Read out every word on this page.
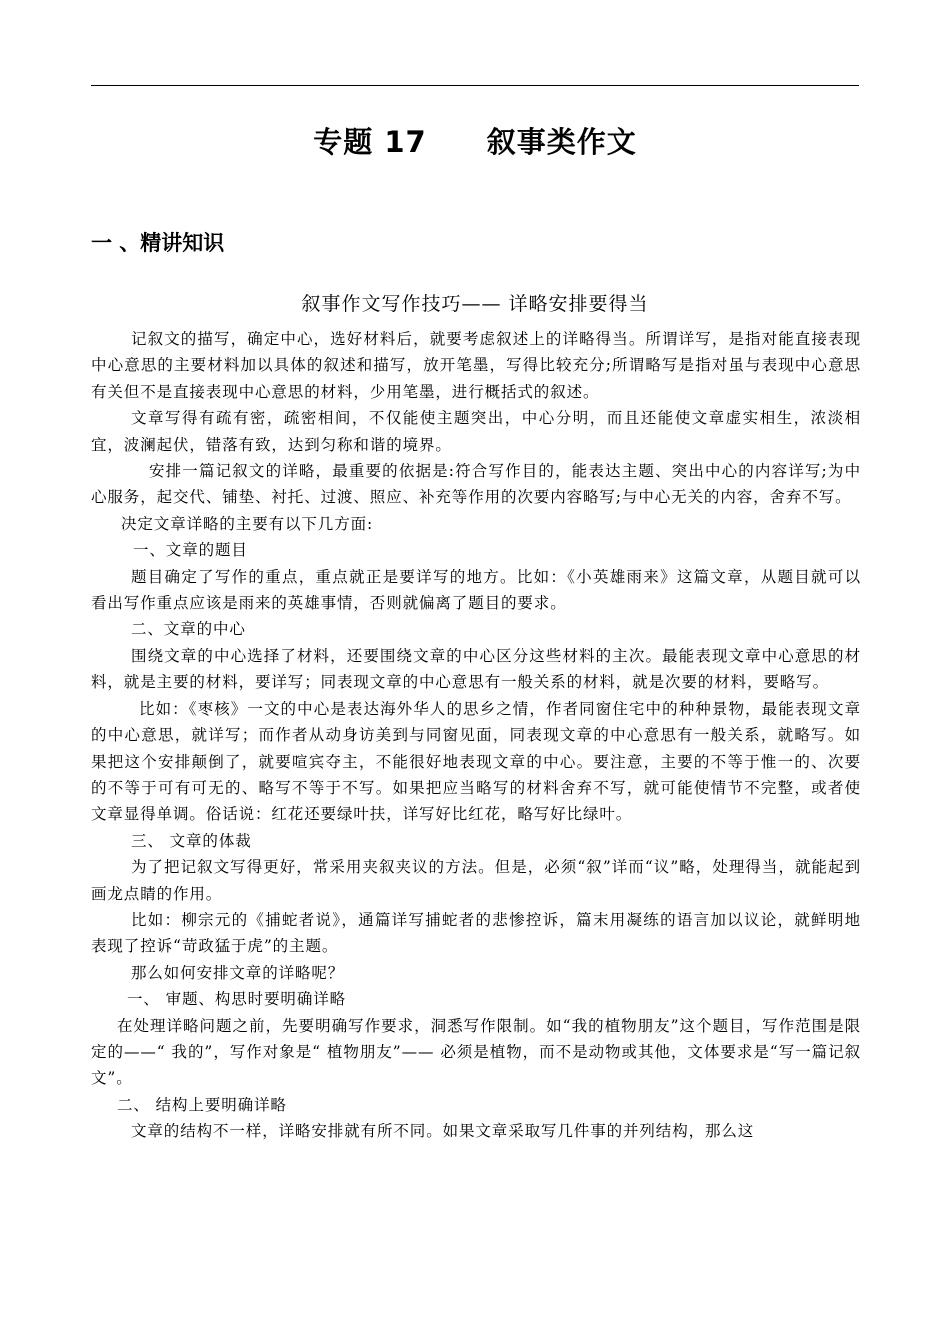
专题 17　　叙事类作文
一 、精讲知识
叙事作文写作技巧—— 详略安排要得当

记叙文的描写，确定中心，选好材料后，就要考虑叙述上的详略得当。所谓详写，是指对能直接表现中心意思的主要材料加以具体的叙述和描写，放开笔墨，写得比较充分;所谓略写是指对虽与表现中心意思有关但不是直接表现中心意思的材料，少用笔墨，进行概括式的叙述。

文章写得有疏有密，疏密相间，不仅能使主题突出，中心分明，而且还能使文章虚实相生，浓淡相宜，波澜起伏，错落有致，达到匀称和谐的境界。

安排一篇记叙文的详略，最重要的依据是:符合写作目的，能表达主题、突出中心的内容详写;为中心服务，起交代、铺垫、衬托、过渡、照应、补充等作用的次要内容略写;与中心无关的内容，舍弃不写。

决定文章详略的主要有以下几方面:

一、文章的题目

题目确定了写作的重点，重点就正是要详写的地方。比如：《小英雄雨来》这篇文章，从题目就可以看出写作重点应该是雨来的英雄事情，否则就偏离了题目的要求。

二、文章的中心

围绕文章的中心选择了材料，还要围绕文章的中心区分这些材料的主次。最能表现文章中心意思的材料，就是主要的材料，要详写；同表现文章的中心意思有一般关系的材料，就是次要的材料，要略写。

比如：《枣核》一文的中心是表达海外华人的思乡之情，作者同窗住宅中的种种景物，最能表现文章的中心意思，就详写；而作者从动身访美到与同窗见面，同表现文章的中心意思有一般关系，就略写。如果把这个安排颠倒了，就要喧宾夺主，不能很好地表现文章的中心。要注意，主要的不等于惟一的、次要的不等于可有可无的、略写不等于不写。如果把应当略写的材料舍弃不写，就可能使情节不完整，或者使文章显得单调。俗话说：红花还要绿叶扶，详写好比红花，略写好比绿叶。

三、 文章的体裁

为了把记叙文写得更好，常采用夹叙夹议的方法。但是，必须“叙”详而“议”略，处理得当，就能起到画龙点睛的作用。

比如：柳宗元的《捕蛇者说》，通篇详写捕蛇者的悲惨控诉，篇末用凝练的语言加以议论，就鲜明地表现了控诉“苛政猛于虎”的主题。

那么如何安排文章的详略呢？

一、 审题、构思时要明确详略

在处理详略问题之前，先要明确写作要求，洞悉写作限制。如“我的植物朋友”这个题目，写作范围是限定的——“ 我的”，写作对象是“ 植物朋友”—— 必须是植物，而不是动物或其他，文体要求是“写一篇记叙文”。

二、 结构上要明确详略

文章的结构不一样，详略安排就有所不同。如果文章采取写几件事的并列结构，那么这
